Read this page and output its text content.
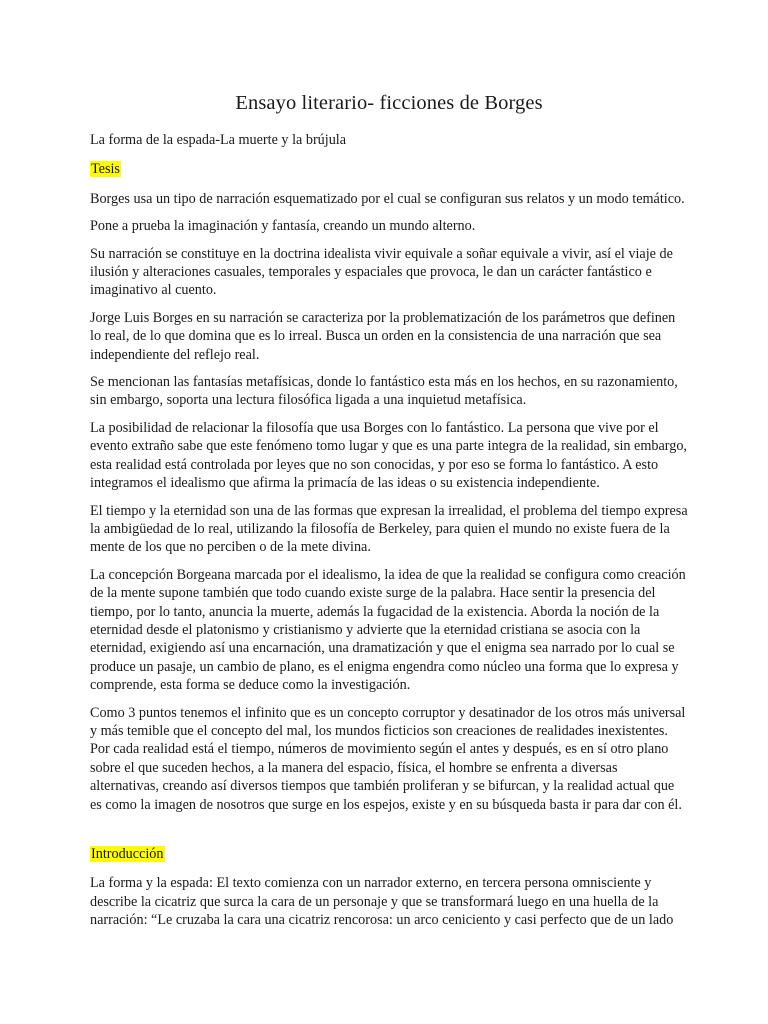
Ensayo literario- ficciones de Borges

La forma de la espada-La muerte y la brújula

Tesis

Borges usa un tipo de narración esquematizado por el cual se configuran sus relatos y un modo temático.

Pone a prueba la imaginación y fantasía, creando un mundo alterno.

Su narración se constituye en la doctrina idealista vivir equivale a soñar equivale a vivir, así el viaje de ilusión y alteraciones casuales, temporales y espaciales que provoca, le dan un carácter fantástico e imaginativo al cuento.

Jorge Luis Borges en su narración se caracteriza por la problematización de los parámetros que definen lo real, de lo que domina que es lo irreal. Busca un orden en la consistencia de una narración que sea independiente del reflejo real.

Se mencionan las fantasías metafísicas, donde lo fantástico esta más en los hechos, en su razonamiento, sin embargo, soporta una lectura filosófica ligada a una inquietud metafísica.

La posibilidad de relacionar la filosofía que usa Borges con lo fantástico. La persona que vive por el evento extraño sabe que este fenómeno tomo lugar y que es una parte integra de la realidad, sin embargo, esta realidad está controlada por leyes que no son conocidas, y por eso se forma lo fantástico. A esto integramos el idealismo que afirma la primacía de las ideas o su existencia independiente.

El tiempo y la eternidad son una de las formas que expresan la irrealidad, el problema del tiempo expresa la ambigüedad de lo real, utilizando la filosofía de Berkeley, para quien el mundo no existe fuera de la mente de los que no perciben o de la mete divina.

La concepción Borgeana marcada por el idealismo, la idea de que la realidad se configura como creación de la mente supone también que todo cuando existe surge de la palabra. Hace sentir la presencia del tiempo, por lo tanto, anuncia la muerte, además la fugacidad de la existencia. Aborda la noción de la eternidad desde el platonismo y cristianismo y advierte que la eternidad cristiana se asocia con la eternidad, exigiendo así una encarnación, una dramatización y que el enigma sea narrado por lo cual se produce un pasaje, un cambio de plano, es el enigma engendra como núcleo una forma que lo expresa y comprende, esta forma se deduce como la investigación.

Como 3 puntos tenemos el infinito que es un concepto corruptor y desatinador de los otros más universal y más temible que el concepto del mal, los mundos ficticios son creaciones de realidades inexistentes. Por cada realidad está el tiempo, números de movimiento según el antes y después, es en sí otro plano sobre el que suceden hechos, a la manera del espacio, física, el hombre se enfrenta a diversas alternativas, creando así diversos tiempos que también proliferan y se bifurcan, y la realidad actual que es como la imagen de nosotros que surge en los espejos, existe y en su búsqueda basta ir para dar con él.

Introducción

La forma y la espada: El texto comienza con un narrador externo, en tercera persona omnisciente y describe la cicatriz que surca la cara de un personaje y que se transformará luego en una huella de la narración: “Le cruzaba la cara una cicatriz rencorosa: un arco ceniciento y casi perfecto que de un lado
